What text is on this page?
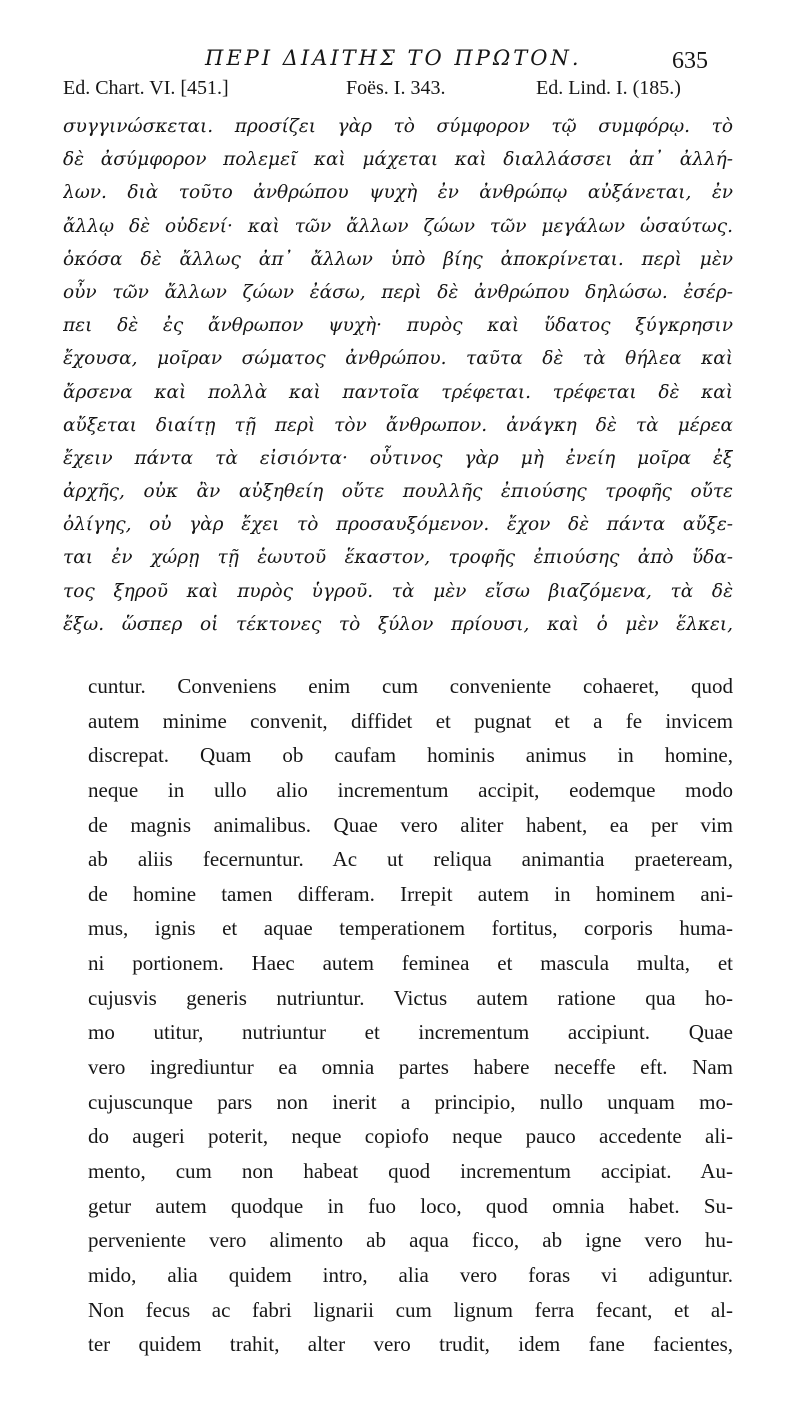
ΠΕΡΙ ΔΙΑΙΤΗΣ ΤΟ ΠΡΩΤΟΝ.	635
Ed. Chart. VI. [451.]	Foës. I. 343.	Ed. Lind. I. (185.)
συγγινώσκεται. προσίζει γὰρ τὸ σύμφορον τῷ συμφόρῳ. τὸ
δὲ ἀσύμφορον πολεμεῖ καὶ μάχεται καὶ διαλλάσσει ἀπ᾽ ἀλλή-
λων. διὰ τοῦτο ἀνθρώπου ψυχὴ ἐν ἀνθρώπῳ αὐξάνεται, ἐν
ἄλλῳ δὲ οὐδενί· καὶ τῶν ἄλλων ζώων τῶν μεγάλων ὡσαύτως.
ὁκόσα δὲ ἄλλως ἀπ᾽ ἄλλων ὑπὸ βίης ἀποκρίνεται. περὶ μὲν
οὖν τῶν ἄλλων ζώων ἐάσω, περὶ δὲ ἀνθρώπου δηλώσω. ἐσέρ-
πει δὲ ἐς ἄνθρωπον ψυχὴ· πυρὸς καὶ ὕδατος ξύγκρησιν
ἔχουσα, μοῖραν σώματος ἀνθρώπου. ταῦτα δὲ τὰ θήλεα καὶ
ἄρσενα καὶ πολλὰ καὶ παντοῖα τρέφεται. τρέφεται δὲ καὶ
αὔξεται διαίτῃ τῇ περὶ τὸν ἄνθρωπον. ἀνάγκη δὲ τὰ μέρεα
ἔχειν πάντα τὰ εἰσιόντα· οὗτινος γὰρ μὴ ἐνείη μοῖρα ἐξ
ἀρχῆς, οὐκ ἂν αὐξηθείη οὔτε πουλλῆς ἐπιούσης τροφῆς οὔτε
ὀλίγης, οὐ γὰρ ἔχει τὸ προσαυξόμενον. ἔχον δὲ πάντα αὔξε-
ται ἐν χώρῃ τῇ ἑωυτοῦ ἕκαστον, τροφῆς ἐπιούσης ἀπὸ ὕδα-
τος ξηροῦ καὶ πυρὸς ὑγροῦ. τὰ μὲν εἴσω βιαζόμενα, τὰ δὲ
ἔξω. ὥσπερ οἱ τέκτονες τὸ ξύλον πρίουσι, καὶ ὁ μὲν ἕλκει,
cuntur. Conveniens enim cum conveniente cohaeret, quod
autem minime convenit, diffidet et pugnat et a fe invicem
discrepat. Quam ob caufam hominis animus in homine,
neque in ullo alio incrementum accipit, eodemque modo
de magnis animalibus. Quae vero aliter habent, ea per vim
ab aliis fecernuntur. Ac ut reliqua animantia praeteream,
de homine tamen differam. Irrepit autem in hominem ani-
mus, ignis et aquae temperationem fortitus, corporis huma-
ni portionem. Haec autem feminea et mascula multa, et
cujusvis generis nutriuntur. Victus autem ratione qua ho-
mo utitur, nutriuntur et incrementum accipiunt. Quae
vero ingrediuntur ea omnia partes habere neceffe eft. Nam
cujuscunque pars non inerit a principio, nullo unquam mo-
do augeri poterit, neque copiofo neque pauco accedente ali-
mento, cum non habeat quod incrementum accipiat. Au-
getur autem quodque in fuo loco, quod omnia habet. Su-
perveniente vero alimento ab aqua ficco, ab igne vero hu-
mido, alia quidem intro, alia vero foras vi adiguntur.
Non fecus ac fabri lignarii cum lignum ferra fecant, et al-
ter quidem trahit, alter vero trudit, idem fane facientes,
